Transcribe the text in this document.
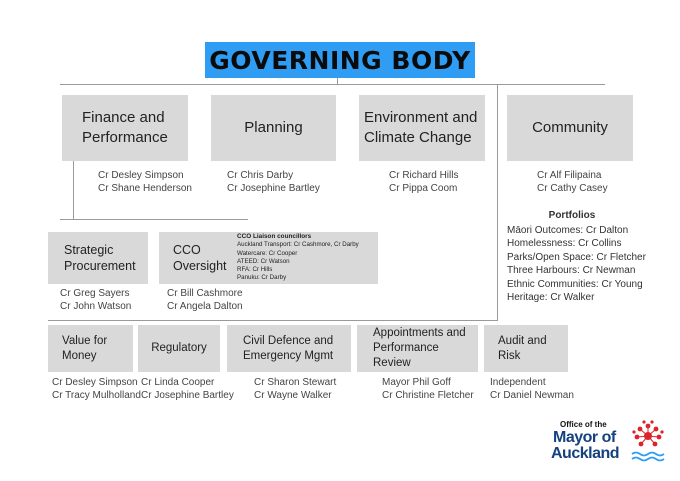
GOVERNING BODY
Finance and
Performance
Cr Desley Simpson
Cr Shane Henderson
Planning
Cr Chris Darby
Cr Josephine Bartley
Environment and
Climate Change
Cr Richard Hills
Cr Pippa Coom
Community
Cr Alf Filipaina
Cr Cathy Casey
Strategic
Procurement
Cr Greg Sayers
Cr John Watson
CCO
Oversight
CCO Liaison councillors
Auckland Transport: Cr Cashmore, Cr Darby
Watercare: Cr Cooper
ATEED: Cr Watson
RFA: Cr Hills
Panuku: Cr Darby
Cr Bill Cashmore
Cr Angela Dalton
Portfolios
Māori Outcomes: Cr Dalton
Homelessness: Cr Collins
Parks/Open Space: Cr Fletcher
Three Harbours: Cr Newman
Ethnic Communities: Cr Young
Heritage: Cr Walker
Value for
Money
Cr Desley Simpson
Cr Tracy Mulholland
Regulatory
Cr Linda Cooper
Cr Josephine Bartley
Civil Defence and
Emergency Mgmt
Cr Sharon Stewart
Cr Wayne Walker
Appointments and
Performance Review
Mayor Phil Goff
Cr Christine Fletcher
Audit and
Risk
Independent
Cr Daniel Newman
Office of the
Mayor of
Auckland
